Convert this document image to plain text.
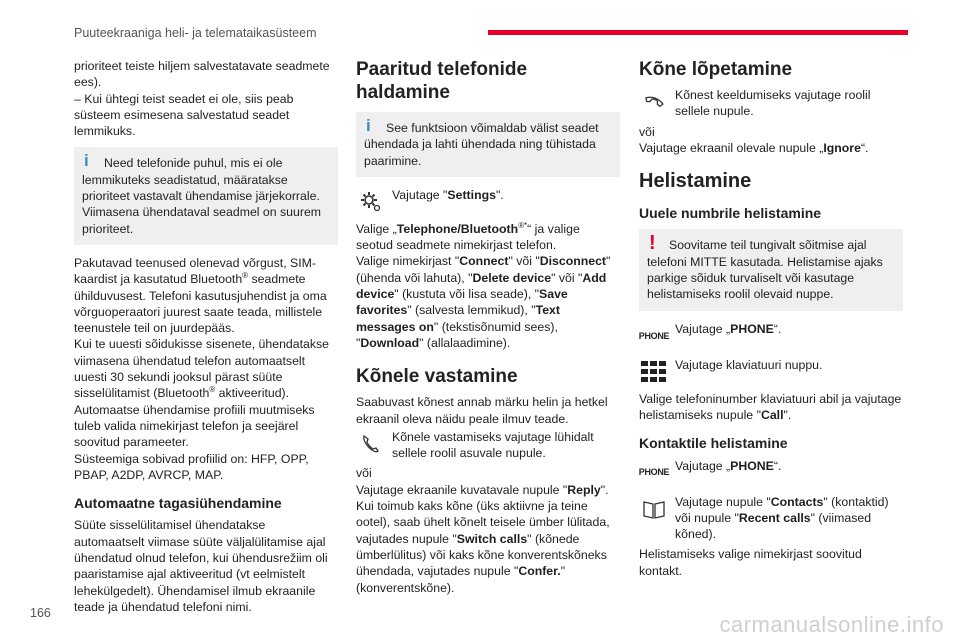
Puuteekraaniga heli- ja telemataikasüsteem
166	carmanualsonline.info

prioriteet teiste hiljem salvestatavate seadmete ees).

– Kui ühtegi teist seadet ei ole, siis peab süsteem esimesena salvestatud seadet lemmikuks.

i	Need telefonide puhul, mis ei ole lemmikuteks seadistatud, määratakse prioriteet vastavalt ühendamise järjekorrale. Viimasena ühendataval seadmel on suurem prioriteet.

Pakutavad teenused olenevad võrgust, SIM-kaardist ja kasutatud Bluetooth® seadmete ühilduvusest. Telefoni kasutusjuhendist ja oma võrguoperaatori juurest saate teada, millistele teenustele teil on juurdepääs.

Kui te uuesti sõidukisse sisenete, ühendatakse viimasena ühendatud telefon automaatselt uuesti 30 sekundi jooksul pärast süüte sisselülitamist (Bluetooth® aktiveeritud).

Automaatse ühendamise profiili muutmiseks tuleb valida nimekirjast telefon ja seejärel soovitud parameeter.

Süsteemiga sobivad profiilid on: HFP, OPP, PBAP, A2DP, AVRCP, MAP.

Automaatne tagasiühendamine

Süüte sisselülitamisel ühendatakse automaatselt viimase süüte väljalülitamise ajal ühendatud olnud telefon, kui ühendusrežiim oli paaristamise ajal aktiveeritud (vt eelmistelt lehekülgedelt). Ühendamisel ilmub ekraanile teade ja ühendatud telefoni nimi.

Paaritud telefonide haldamine
i	See funktsioon võimaldab välist seadet ühendada ja lahti ühendada ning tühistada paarimine.

Vajutage "Settings".

Valige „Telephone/Bluetooth®*“ ja valige seotud seadmete nimekirjast telefon.

Valige nimekirjast "Connect" või "Disconnect" (ühenda või lahuta), "Delete device" või "Add device" (kustuta või lisa seade), "Save favorites" (salvesta lemmikud), "Text messages on" (tekstisõnumid sees), "Download" (allalaadimine).

Kõnele vastamine

Saabuvast kõnest annab märku helin ja hetkel ekraanil oleva näidu peale ilmuv teade.

Kõnele vastamiseks vajutage lühidalt sellele roolil asuvale nupule.

või

Vajutage ekraanile kuvatavale nupule "Reply".

Kui toimub kaks kõne (üks aktiivne ja teine ootel), saab ühelt kõnelt teisele ümber lülitada, vajutades nupule "Switch calls" (kõnede ümberlülitus) või kaks kõne konverentskõneks ühendada, vajutades nupule "Confer." (konverentskõne).

Kõne lõpetamine

Kõnest keeldumiseks vajutage roolil sellele nupule.

või

Vajutage ekraanil olevale nupule „Ignore“.

Helistamine
Uuele numbrile helistamine
!	Soovitame teil tungivalt sõitmise ajal telefoni MITTE kasutada. Helistamise ajaks parkige sõiduk turvaliselt või kasutage helistamiseks roolil olevaid nuppe.

PHONE Vajutage „PHONE“.

Vajutage klaviatuuri nuppu.

Valige telefoninumber klaviatuuri abil ja vajutage helistamiseks nupule "Call".

Kontaktile helistamine
PHONE Vajutage „PHONE“.

Vajutage nupule "Contacts" (kontaktid) või nupule "Recent calls" (viimased kõned).

Helistamiseks valige nimekirjast soovitud kontakt.
